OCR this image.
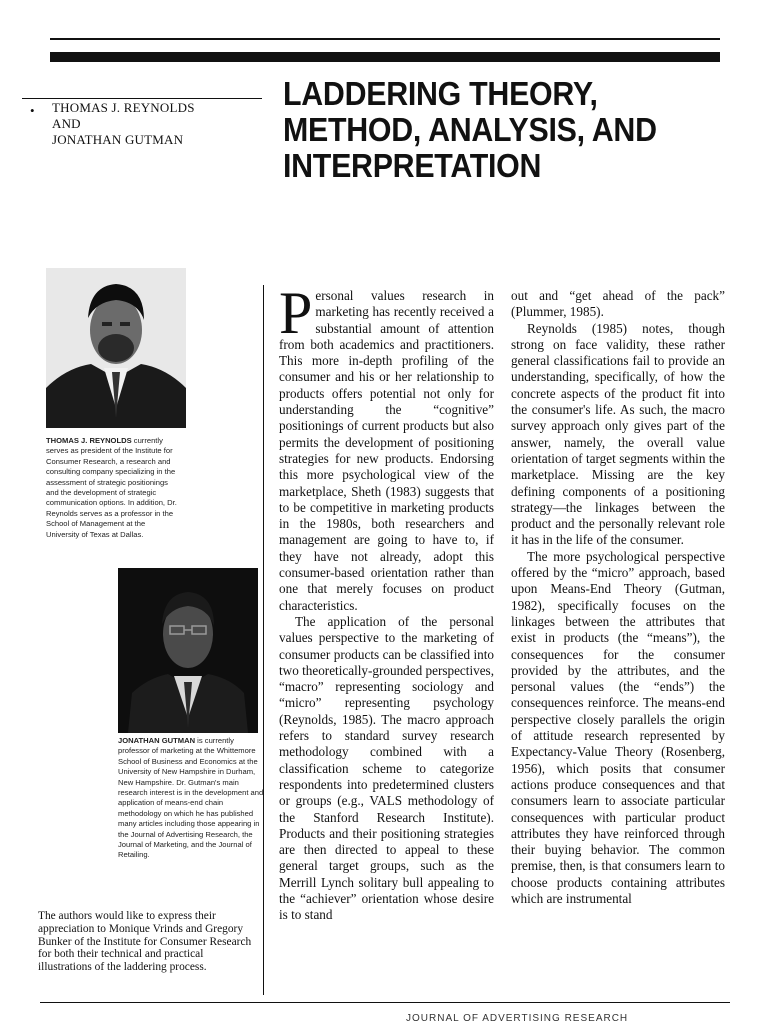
• THOMAS J. REYNOLDS
AND
JONATHAN GUTMAN
LADDERING THEORY,
METHOD, ANALYSIS, AND
INTERPRETATION
THOMAS J. REYNOLDS currently serves as president of the Institute for Consumer Research, a research and consulting company specializing in the assessment of strategic positionings and the development of strategic communication options. In addition, Dr. Reynolds serves as a professor in the School of Management at the University of Texas at Dallas.
JONATHAN GUTMAN is currently professor of marketing at the Whittemore School of Business and Economics at the University of New Hampshire in Durham, New Hampshire. Dr. Gutman's main research interest is in the development and application of means-end chain methodology on which he has published many articles including those appearing in the Journal of Advertising Research, the Journal of Marketing, and the Journal of Retailing.
The authors would like to express their appreciation to Monique Vrinds and Gregory Bunker of the Institute for Consumer Research for both their technical and practical illustrations of the laddering process.

Personal values research in marketing has recently received a substantial amount of attention from both academics and practitioners. This more in-depth profiling of the consumer and his or her relationship to products offers potential not only for understanding the “cognitive” positionings of current products but also permits the development of positioning strategies for new products. Endorsing this more psychological view of the marketplace, Sheth (1983) suggests that to be competitive in marketing products in the 1980s, both researchers and management are going to have to, if they have not already, adopt this consumer-based orientation rather than one that merely focuses on product characteristics.

The application of the personal values perspective to the marketing of consumer products can be classified into two theoretically-grounded perspectives, “macro” representing sociology and “micro” representing psychology (Reynolds, 1985). The macro approach refers to standard survey research methodology combined with a classification scheme to categorize respondents into predetermined clusters or groups (e.g., VALS methodology of the Stanford Research Institute). Products and their positioning strategies are then directed to appeal to these general target groups, such as the Merrill Lynch solitary bull appealing to the “achiever” orientation whose desire is to stand

out and “get ahead of the pack” (Plummer, 1985).

Reynolds (1985) notes, though strong on face validity, these rather general classifications fail to provide an understanding, specifically, of how the concrete aspects of the product fit into the consumer's life. As such, the macro survey approach only gives part of the answer, namely, the overall value orientation of target segments within the marketplace. Missing are the key defining components of a positioning strategy—the linkages between the product and the personally relevant role it has in the life of the consumer.

The more psychological perspective offered by the “micro” approach, based upon Means-End Theory (Gutman, 1982), specifically focuses on the linkages between the attributes that exist in products (the “means”), the consequences for the consumer provided by the attributes, and the personal values (the “ends”) the consequences reinforce. The means-end perspective closely parallels the origin of attitude research represented by Expectancy-Value Theory (Rosenberg, 1956), which posits that consumer actions produce consequences and that consumers learn to associate particular consequences with particular product attributes they have reinforced through their buying behavior. The common premise, then, is that consumers learn to choose products containing attributes which are instrumental

JOURNAL OF ADVERTISING RESEARCH
